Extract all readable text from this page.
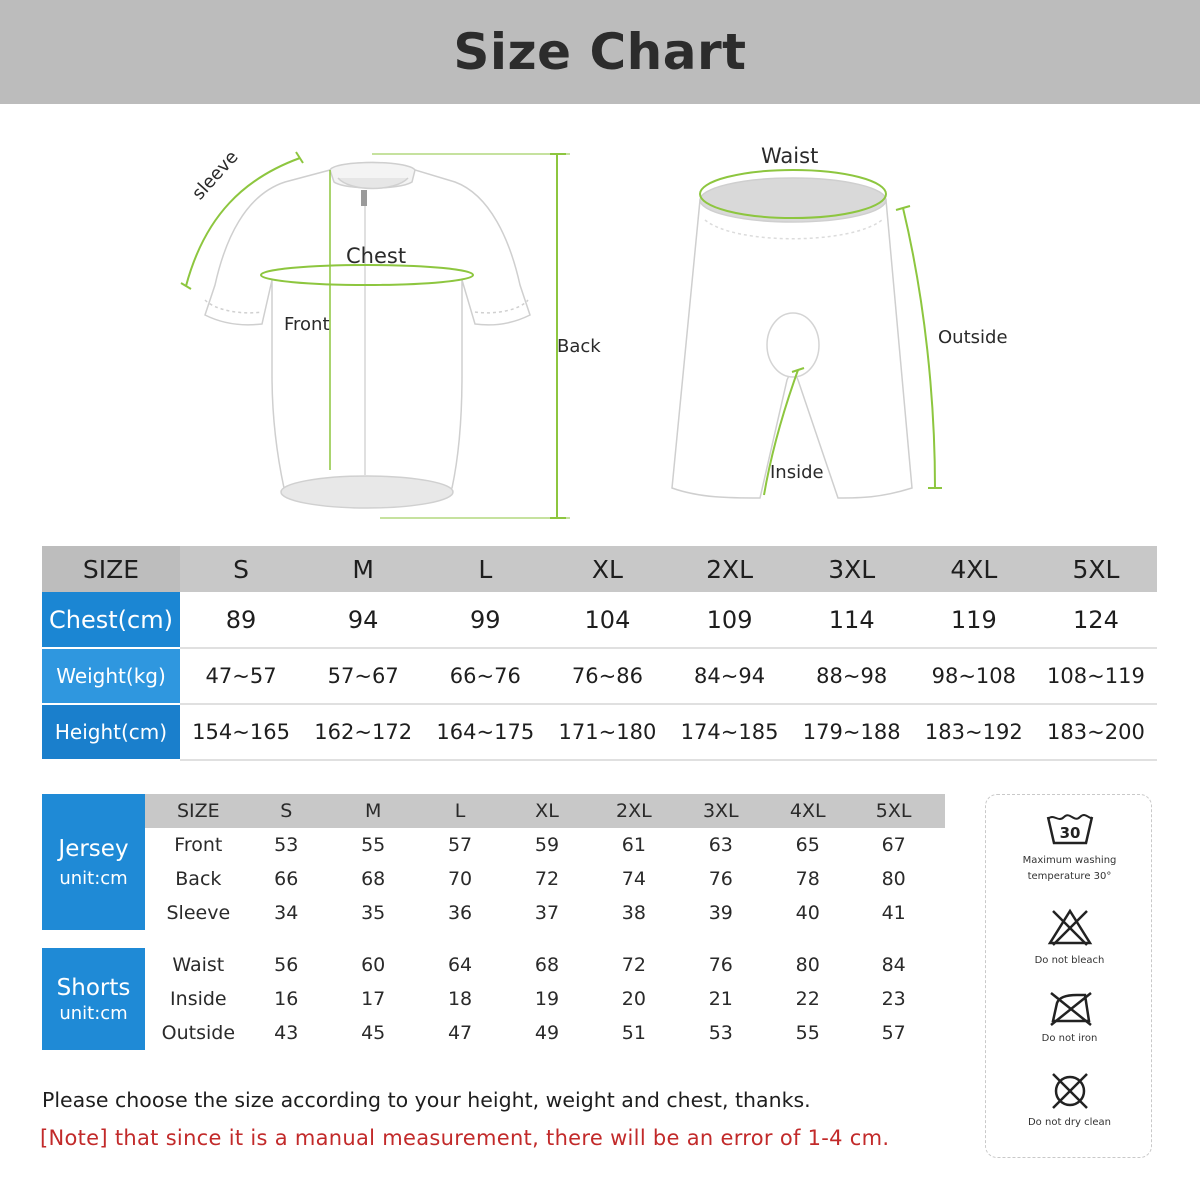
Size Chart
sleeve
Chest
Front
Back
Waist
Outside
Inside
SIZE	S	M	L	XL	2XL	3XL	4XL	5XL
Chest(cm)	89	94	99	104	109	114	119	124
Weight(kg)	47~57	57~67	66~76	76~86	84~94	88~98	98~108	108~119
Height(cm)	154~165	162~172	164~175	171~180	174~185	179~188	183~192	183~200
Jersey
unit:cm
SIZE	S	M	L	XL	2XL	3XL	4XL	5XL
Front	53	55	57	59	61	63	65	67
Back	66	68	70	72	74	76	78	80
Sleeve	34	35	36	37	38	39	40	41
Shorts
unit:cm
Waist	56	60	64	68	72	76	80	84
Inside	16	17	18	19	20	21	22	23
Outside	43	45	47	49	51	53	55	57
Please choose the size according to your height, weight and chest, thanks.
[Note] that since it is a manual measurement, there will be an error of 1-4 cm.
30
Maximum washing
temperature 30°
Do not bleach
Do not iron
Do not dry clean
